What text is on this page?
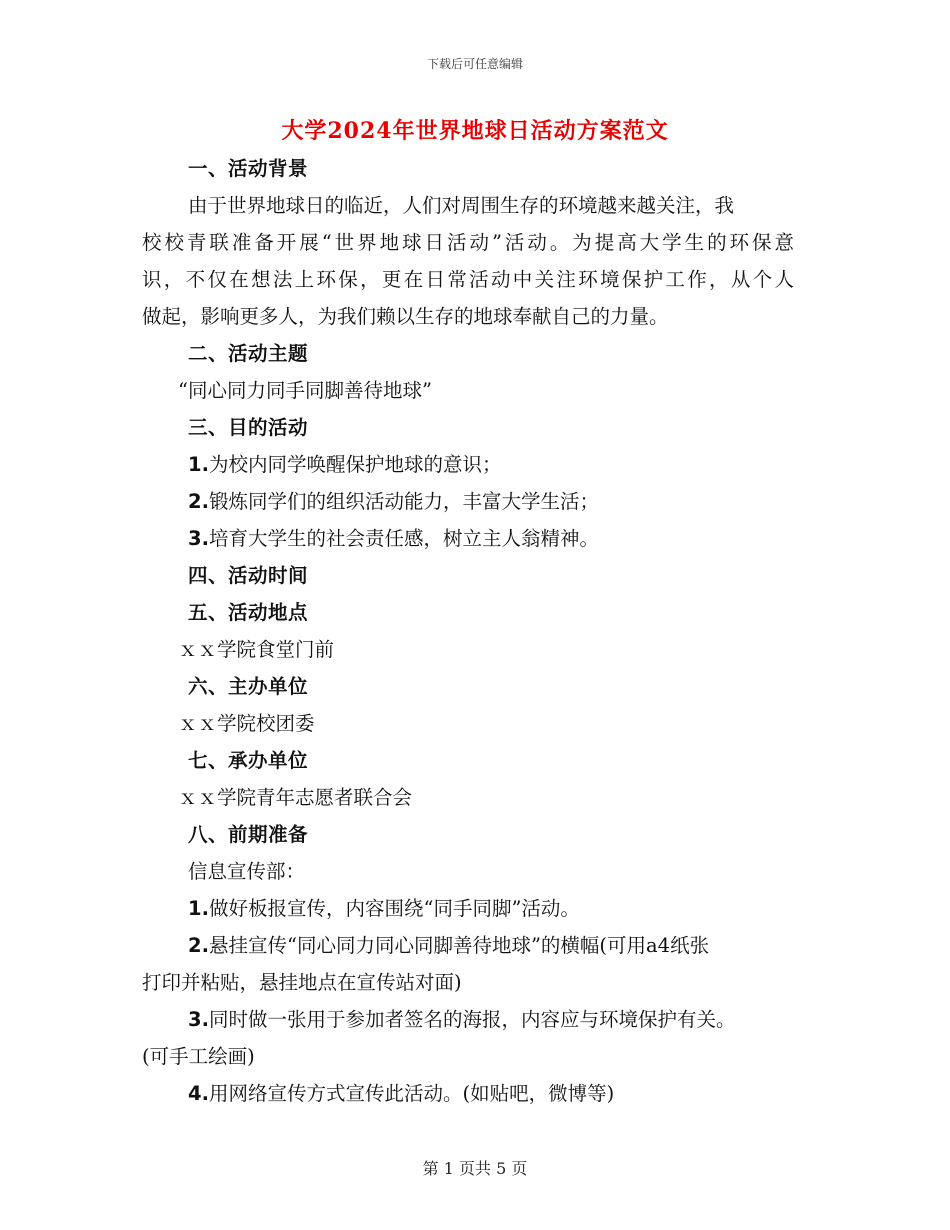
下载后可任意编辑
大学2024年世界地球日活动方案范文
一、活动背景
由于世界地球日的临近，人们对周围生存的环境越来越关注，我
校校青联准备开展“世界地球日活动”活动。为提高大学生的环保意
识，不仅在想法上环保，更在日常活动中关注环境保护工作，从个人
做起，影响更多人，为我们赖以生存的地球奉献自己的力量。
二、活动主题
“同心同力同手同脚善待地球”
三、目的活动
1.为校内同学唤醒保护地球的意识；
2.锻炼同学们的组织活动能力，丰富大学生活；
3.培育大学生的社会责任感，树立主人翁精神。
四、活动时间
五、活动地点
ｘｘ学院食堂门前
六、主办单位
ｘｘ学院校团委
七、承办单位
ｘｘ学院青年志愿者联合会
八、前期准备
信息宣传部：
1.做好板报宣传，内容围绕“同手同脚”活动。
2.悬挂宣传“同心同力同心同脚善待地球”的横幅(可用a4纸张
打印并粘贴，悬挂地点在宣传站对面)
3.同时做一张用于参加者签名的海报，内容应与环境保护有关。
(可手工绘画)
4.用网络宣传方式宣传此活动。(如贴吧，微博等)
第 1 页共 5 页
